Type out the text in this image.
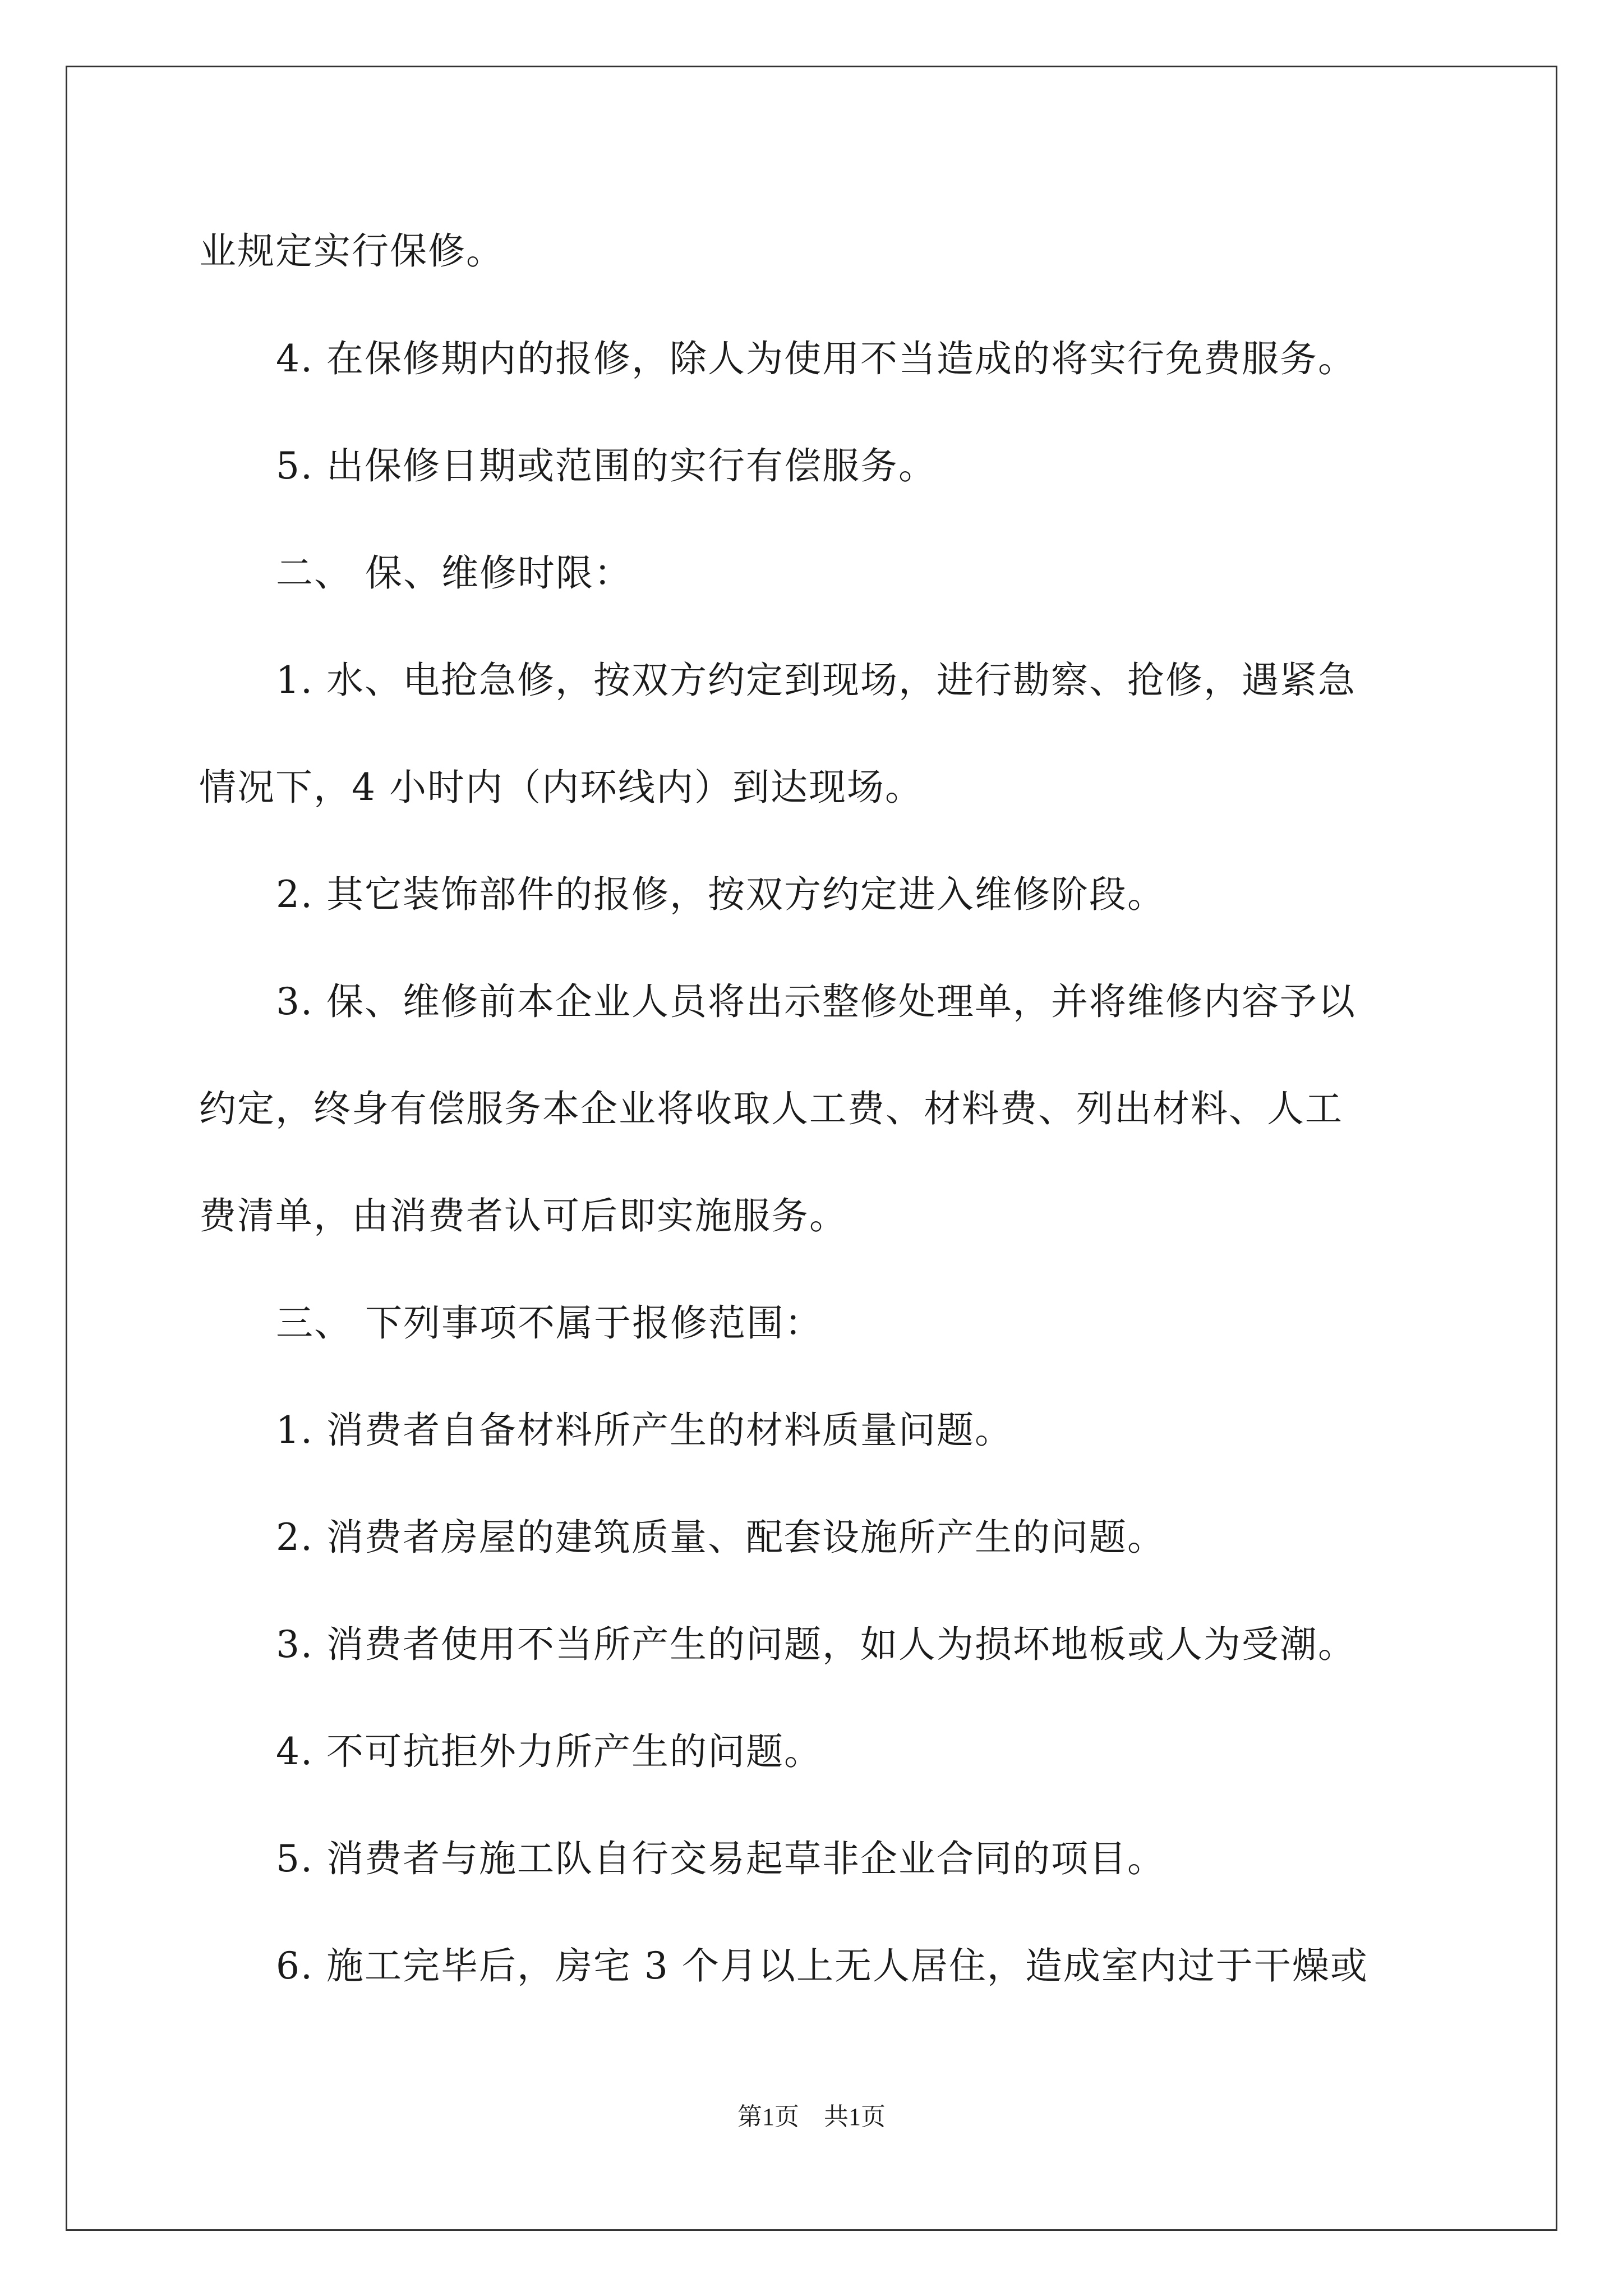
业规定实行保修。
4. 在保修期内的报修，除人为使用不当造成的将实行免费服务。
5. 出保修日期或范围的实行有偿服务。
二、 保、维修时限：
1. 水、电抢急修，按双方约定到现场，进行勘察、抢修，遇紧急
情况下，4 小时内（内环线内）到达现场。
2. 其它装饰部件的报修，按双方约定进入维修阶段。
3. 保、维修前本企业人员将出示整修处理单，并将维修内容予以
约定，终身有偿服务本企业将收取人工费、材料费、列出材料、人工
费清单，由消费者认可后即实施服务。
三、 下列事项不属于报修范围：
1. 消费者自备材料所产生的材料质量问题。
2. 消费者房屋的建筑质量、配套设施所产生的问题。
3. 消费者使用不当所产生的问题，如人为损坏地板或人为受潮。
4. 不可抗拒外力所产生的问题。
5. 消费者与施工队自行交易起草非企业合同的项目。
6. 施工完毕后，房宅 3 个月以上无人居住，造成室内过于干燥或
第1页　共1页
